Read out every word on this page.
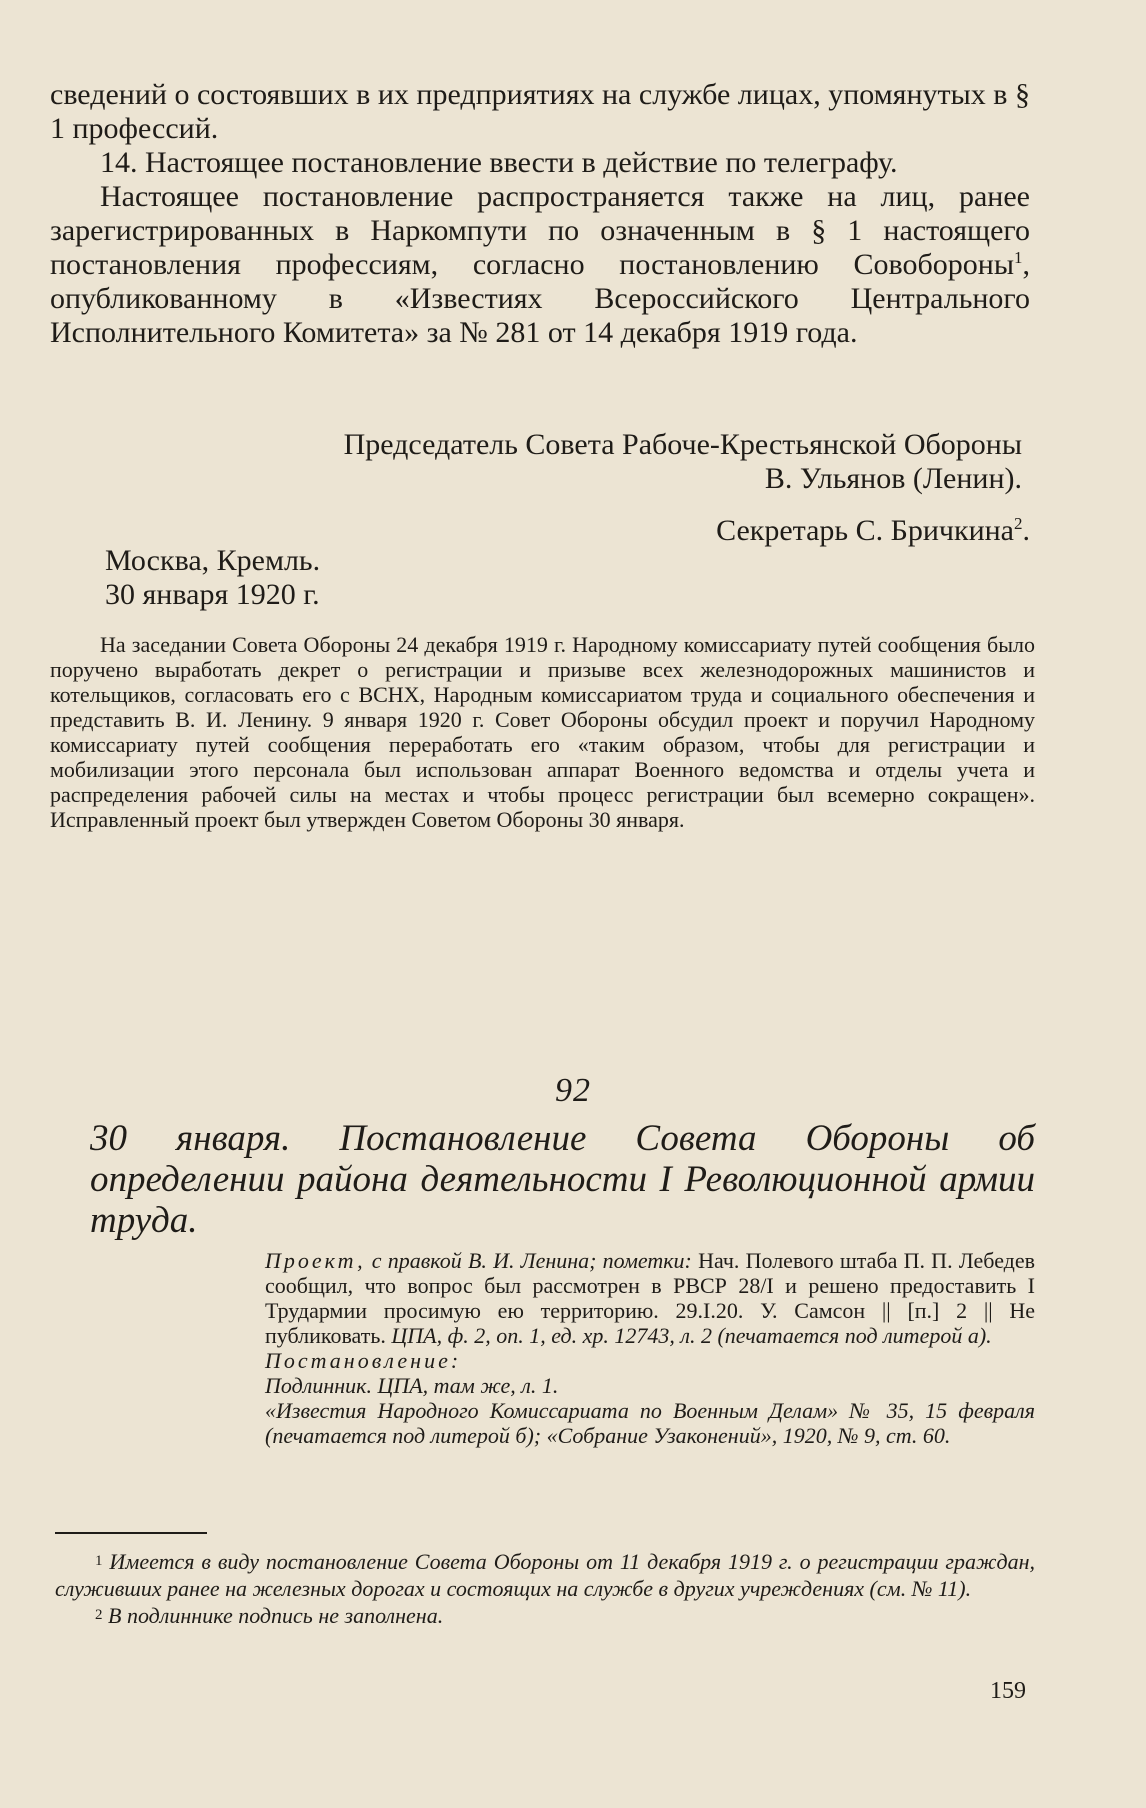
сведений о состоявших в их предприятиях на службе лицах, упомянутых в § 1 профессий.

14. Настоящее постановление ввести в действие по телеграфу.

Настоящее постановление распространяется также на лиц, ранее зарегистрированных в Наркомпути по означенным в § 1 настоящего постановления профессиям, согласно постановлению Совобороны$^1$, опубликованному в «Известиях Всероссийского Центрального Исполнительного Комитета» за № 281 от 14 декабря 1919 года.

Председатель Совета Рабоче-Крестьянской Обороны

В. Ульянов (Ленин).

Секретарь С. Бричкина$^2$.

Москва, Кремль.

30 января 1920 г.

На заседании Совета Обороны 24 декабря 1919 г. Народному комиссариату путей сообщения было поручено выработать декрет о регистрации и призыве всех железнодорожных машинистов и котельщиков, согласовать его с ВСНХ, Народным комиссариатом труда и социального обеспечения и представить В. И. Ленину. 9 января 1920 г. Совет Обороны обсудил проект и поручил Народному комиссариату путей сообщения переработать его «таким образом, чтобы для регистрации и мобилизации этого персонала был использован аппарат Военного ведомства и отделы учета и распределения рабочей силы на местах и чтобы процесс регистрации был всемерно сокращен». Исправленный проект был утвержден Советом Обороны 30 января.

92

30 января. Постановление Совета Обороны об определении района деятельности I Революционной армии труда.

Проект, с правкой В. И. Ленина; пометки: Нач. Полевого штаба П. П. Лебедев сообщил, что вопрос был рассмотрен в РВСР 28/I и решено предоставить I Трудармии просимую ею территорию. 29.I.20. У. Самсон || [п.] 2 || Не публиковать. ЦПА, ф. 2, оп. 1, ед. хр. 12743, л. 2 (печатается под литерой а).

Постановление:

Подлинник. ЦПА, там же, л. 1.

«Известия Народного Комиссариата по Военным Делам» № 35, 15 февраля (печатается под литерой б); «Собрание Узаконений», 1920, № 9, ст. 60.

$^1$ Имеется в виду постановление Совета Обороны от 11 декабря 1919 г. о регистрации граждан, служивших ранее на железных дорогах и состоящих на службе в других учреждениях (см. № 11).

$^2$ В подлиннике подпись не заполнена.

159
